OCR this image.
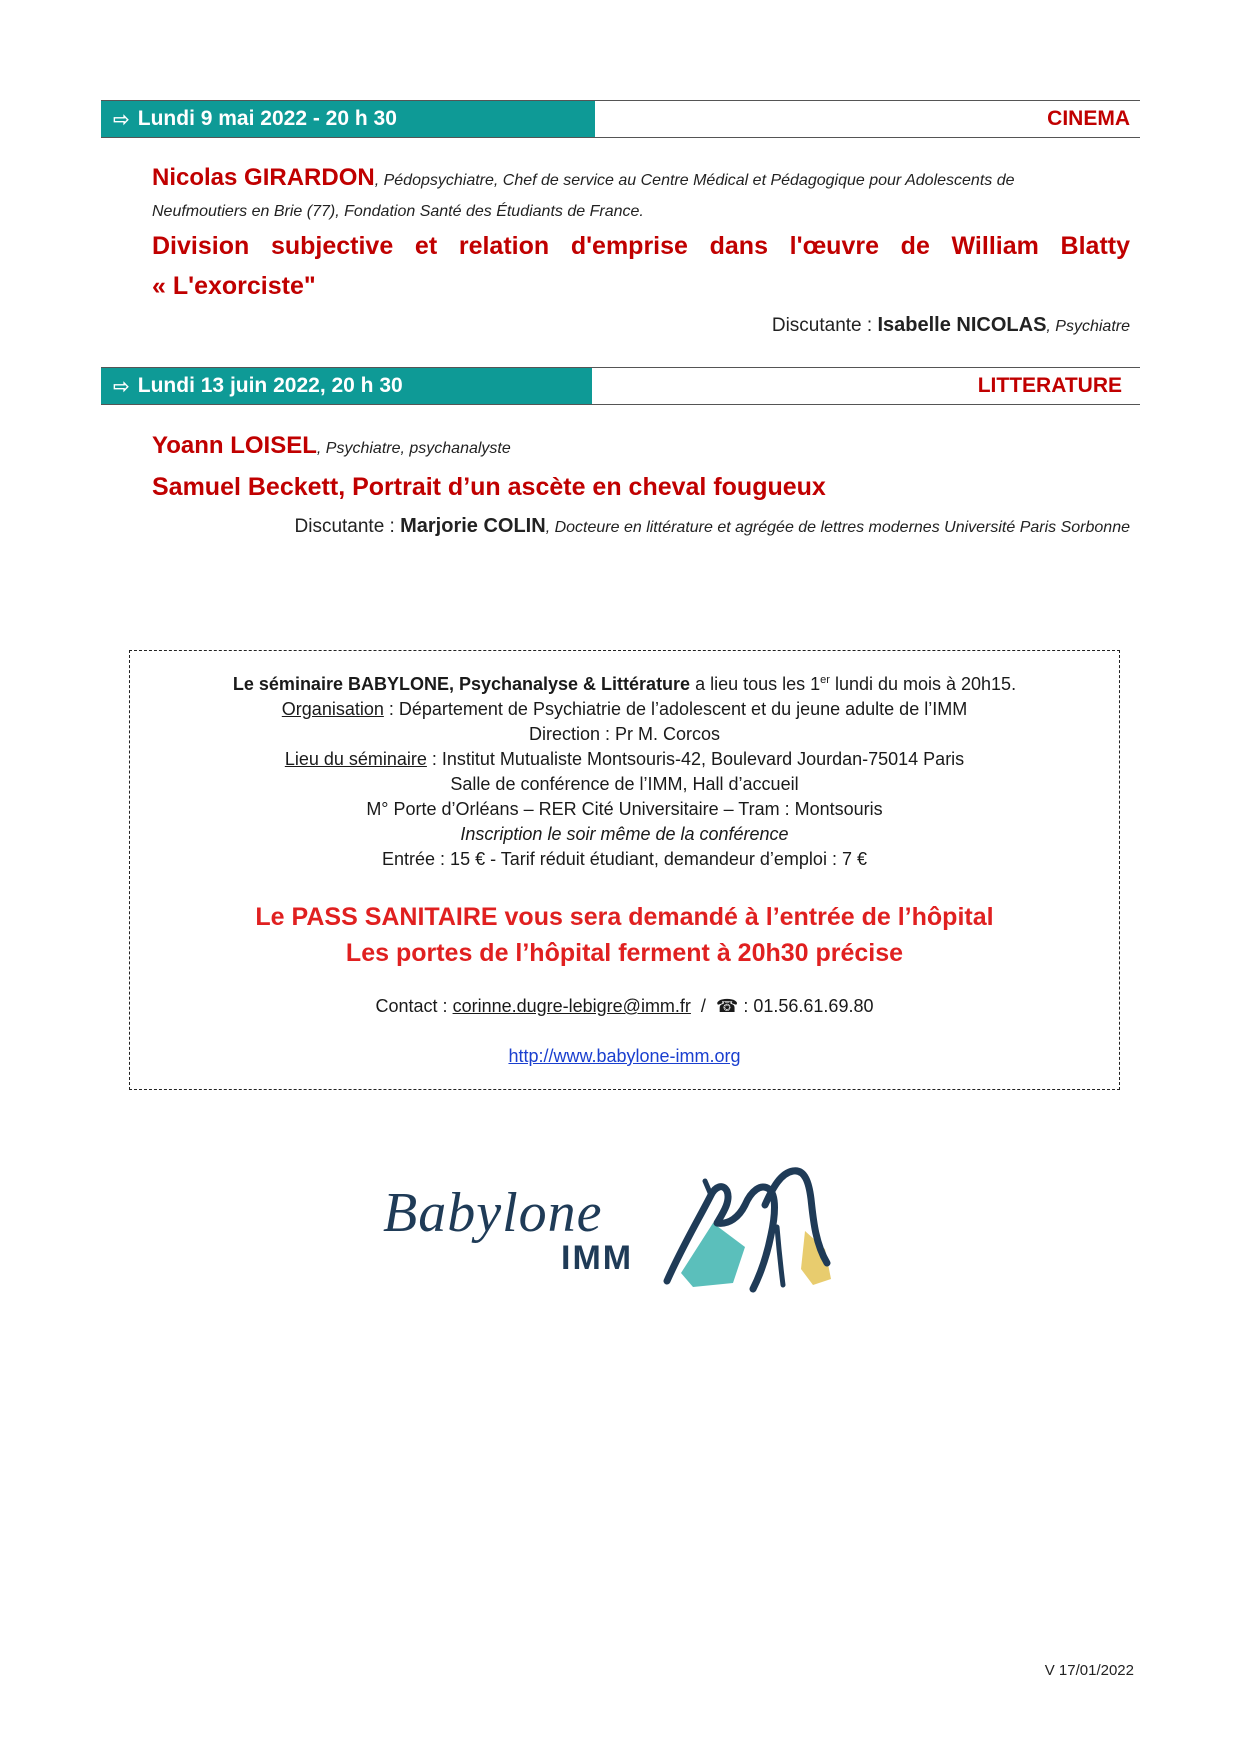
⇨ Lundi 9 mai 2022 - 20 h 30	CINEMA
Nicolas GIRARDON, Pédopsychiatre, Chef de service au Centre Médical et Pédagogique pour Adolescents de
Neufmoutiers en Brie (77), Fondation Santé des Étudiants de France.
Division subjective et relation d'emprise dans l'œuvre de William Blatty
« L'exorciste"
Discutante : Isabelle NICOLAS, Psychiatre
⇨ Lundi 13 juin 2022, 20 h 30	LITTERATURE
Yoann LOISEL, Psychiatre, psychanalyste
Samuel Beckett, Portrait d’un ascète en cheval fougueux
Discutante : Marjorie COLIN, Docteure en littérature et agrégée de lettres modernes Université Paris Sorbonne
Le séminaire BABYLONE, Psychanalyse & Littérature a lieu tous les 1er lundi du mois à 20h15.
Organisation : Département de Psychiatrie de l’adolescent et du jeune adulte de l’IMM
Direction : Pr M. Corcos
Lieu du séminaire : Institut Mutualiste Montsouris-42, Boulevard Jourdan-75014 Paris
Salle de conférence de l’IMM, Hall d’accueil
M° Porte d’Orléans – RER Cité Universitaire – Tram : Montsouris
Inscription le soir même de la conférence
Entrée : 15 € - Tarif réduit étudiant, demandeur d’emploi : 7 €
Le PASS SANITAIRE vous sera demandé à l’entrée de l’hôpital
Les portes de l’hôpital ferment à 20h30 précise
Contact : corinne.dugre-lebigre@imm.fr  /  ☎ : 01.56.61.69.80
http://www.babylone-imm.org
Babylone
IMM
V 17/01/2022
